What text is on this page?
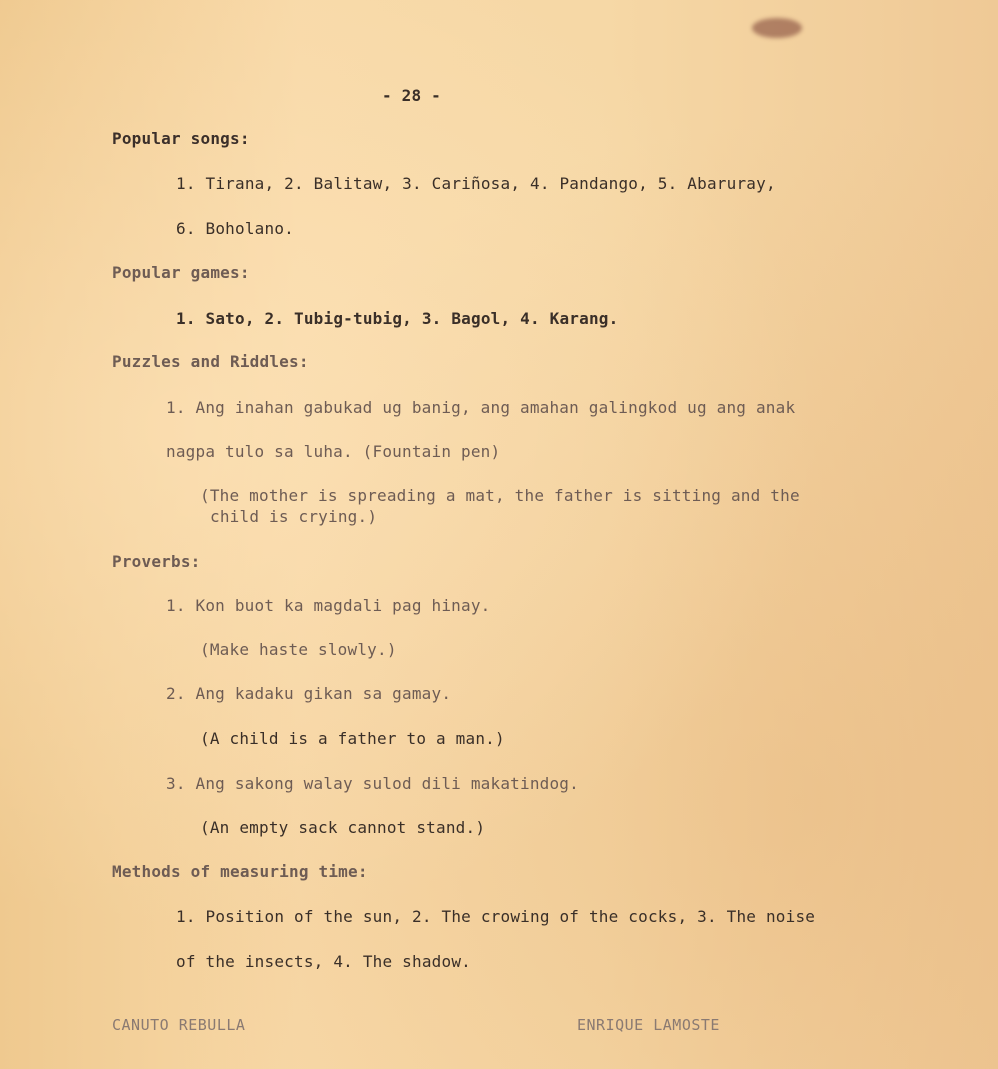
- 28 -
Popular songs:
1. Tirana, 2. Balitaw, 3. Cariñosa, 4. Pandango, 5. Abaruray,
6. Boholano.
Popular games:
1. Sato, 2. Tubig-tubig, 3. Bagol, 4. Karang.
Puzzles and Riddles:
1. Ang inahan gabukad ug banig, ang amahan galingkod ug ang anak
nagpa tulo sa luha. (Fountain pen)
(The mother is spreading a mat, the father is sitting and the
child is crying.)
Proverbs:
1. Kon buot ka magdali pag hinay.
(Make haste slowly.)
2. Ang kadaku gikan sa gamay.
(A child is a father to a man.)
3. Ang sakong walay sulod dili makatindog.
(An empty sack cannot stand.)
Methods of measuring time:
1. Position of the sun, 2. The crowing of the cocks, 3. The noise
of the insects, 4. The shadow.
CANUTO REBULLA	ENRIQUE LAMOSTE
